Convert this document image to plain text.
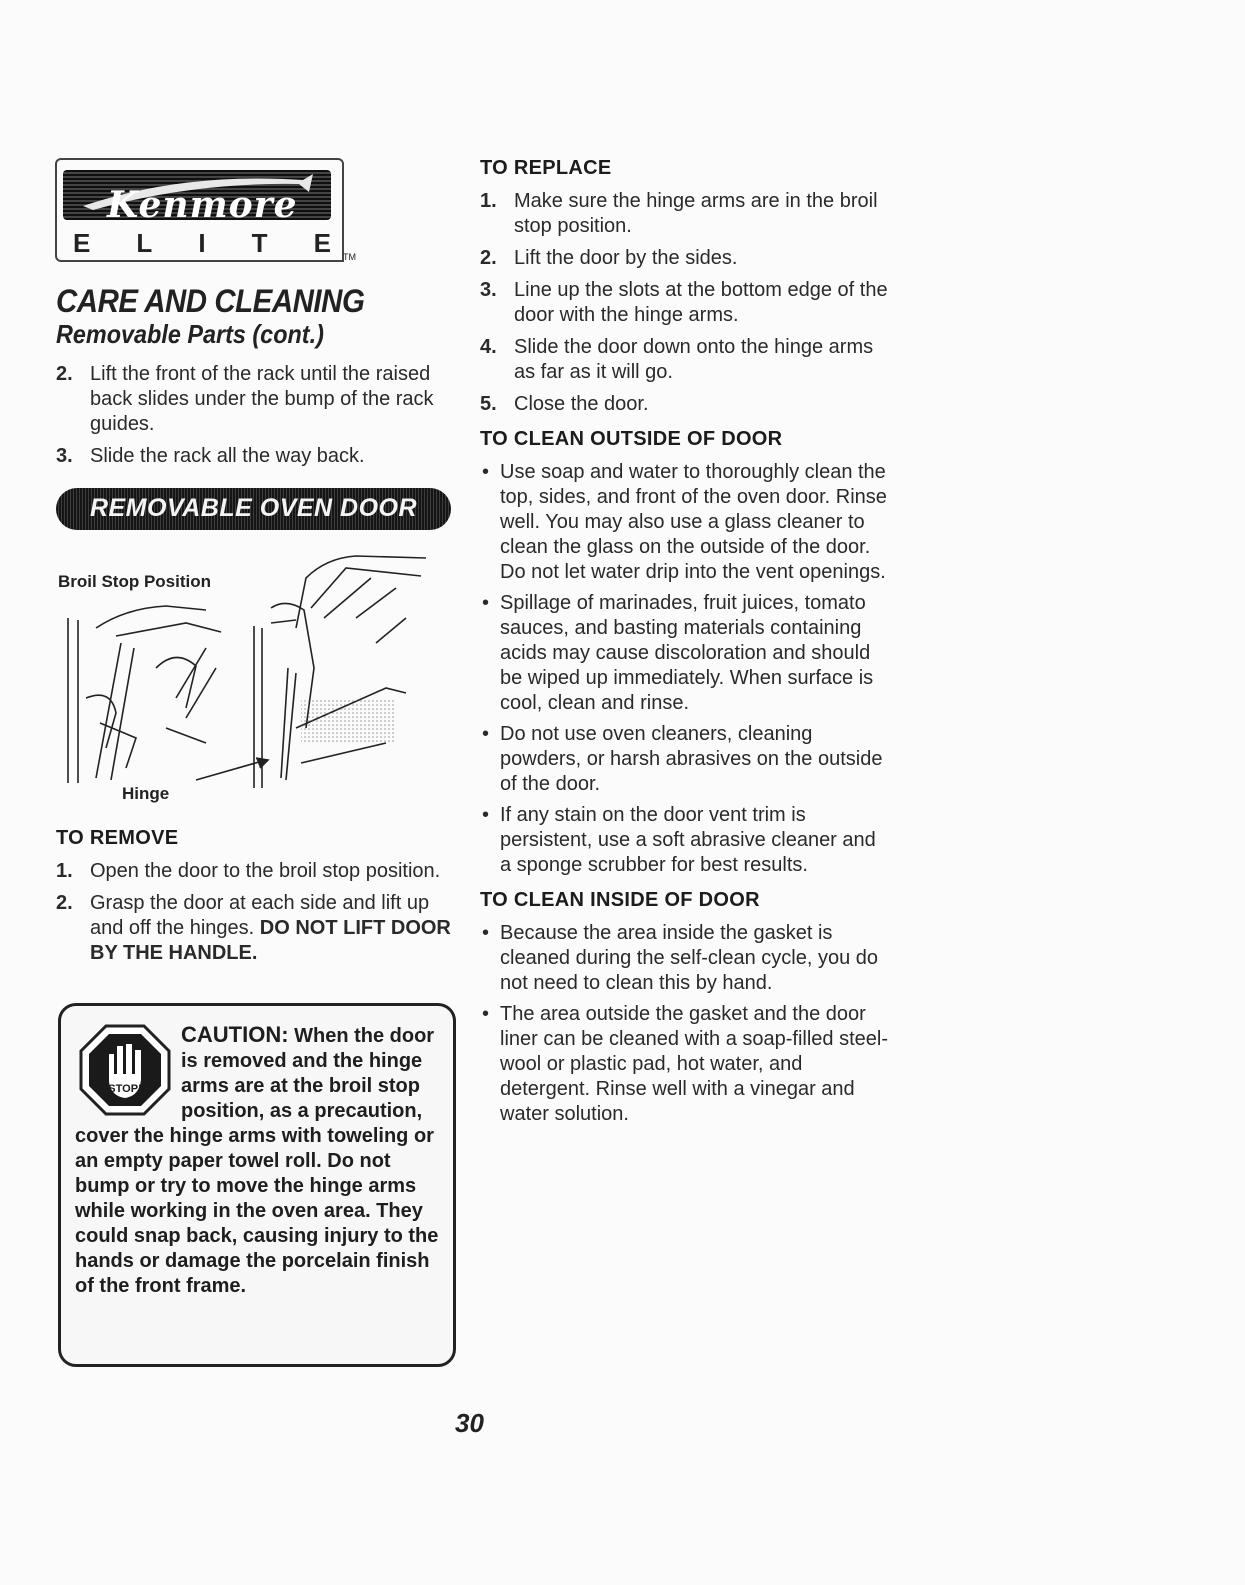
Kenmore
E L I T E TM
CARE AND CLEANING
Removable Parts (cont.)
2. Lift the front of the rack until the raised back slides under the bump of the rack guides.
3. Slide the rack all the way back.
REMOVABLE OVEN DOOR
Broil Stop Position
Hinge
TO REMOVE
1. Open the door to the broil stop position.
2. Grasp the door at each side and lift up and off the hinges. DO NOT LIFT DOOR BY THE HANDLE.
CAUTION: When the door is removed and the hinge arms are at the broil stop position, as a precaution, cover the hinge arms with toweling or an empty paper towel roll. Do not bump or try to move the hinge arms while working in the oven area. They could snap back, causing injury to the hands or damage the porcelain finish of the front frame.
STOP!
TO REPLACE
1. Make sure the hinge arms are in the broil stop position.
2. Lift the door by the sides.
3. Line up the slots at the bottom edge of the door with the hinge arms.
4. Slide the door down onto the hinge arms as far as it will go.
5. Close the door.
TO CLEAN OUTSIDE OF DOOR
• Use soap and water to thoroughly clean the top, sides, and front of the oven door. Rinse well. You may also use a glass cleaner to clean the glass on the outside of the door. Do not let water drip into the vent openings.
• Spillage of marinades, fruit juices, tomato sauces, and basting materials containing acids may cause discoloration and should be wiped up immediately. When surface is cool, clean and rinse.
• Do not use oven cleaners, cleaning powders, or harsh abrasives on the outside of the door.
• If any stain on the door vent trim is persistent, use a soft abrasive cleaner and a sponge scrubber for best results.
TO CLEAN INSIDE OF DOOR
• Because the area inside the gasket is cleaned during the self-clean cycle, you do not need to clean this by hand.
• The area outside the gasket and the door liner can be cleaned with a soap-filled steel-wool or plastic pad, hot water, and detergent. Rinse well with a vinegar and water solution.
30
